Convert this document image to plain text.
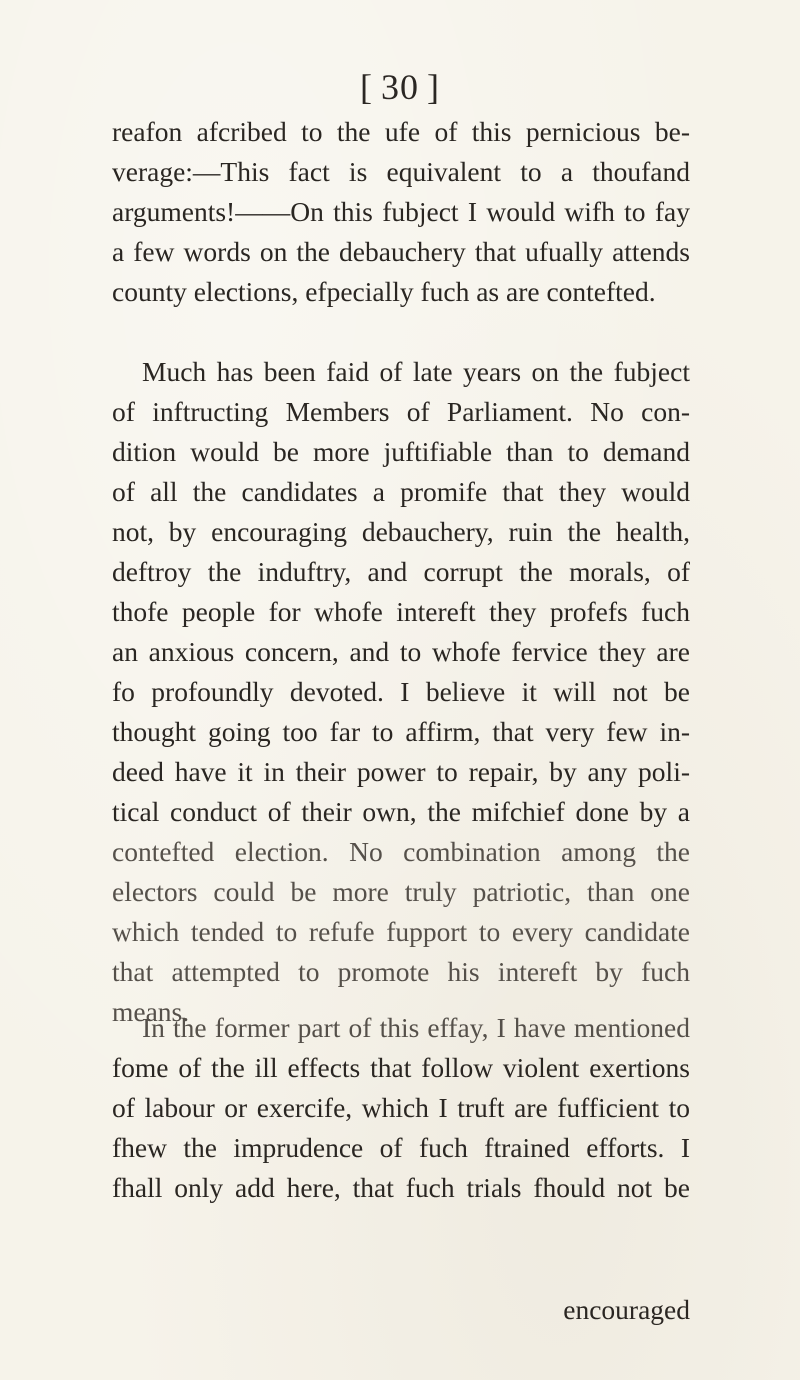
[ 30 ]
reafon afcribed to the ufe of this pernicious be-
verage:—This fact is equivalent to a thoufand
arguments!——On this fubject I would wifh to fay
a few words on the debauchery that ufually attends
county elections, efpecially fuch as are contefted.
Much has been faid of late years on the fubject
of inftructing Members of Parliament. No con-
dition would be more juftifiable than to demand
of all the candidates a promife that they would
not, by encouraging debauchery, ruin the health,
deftroy the induftry, and corrupt the morals, of
thofe people for whofe intereft they profefs fuch
an anxious concern, and to whofe fervice they are
fo profoundly devoted. I believe it will not be
thought going too far to affirm, that very few in-
deed have it in their power to repair, by any poli-
tical conduct of their own, the mifchief done by a
contefted election. No combination among the
electors could be more truly patriotic, than one
which tended to refufe fupport to every candidate
that attempted to promote his intereft by fuch
means.
In the former part of this effay, I have mentioned
fome of the ill effects that follow violent exertions
of labour or exercife, which I truft are fufficient to
fhew the imprudence of fuch ftrained efforts. I
fhall only add here, that fuch trials fhould not be
encouraged
